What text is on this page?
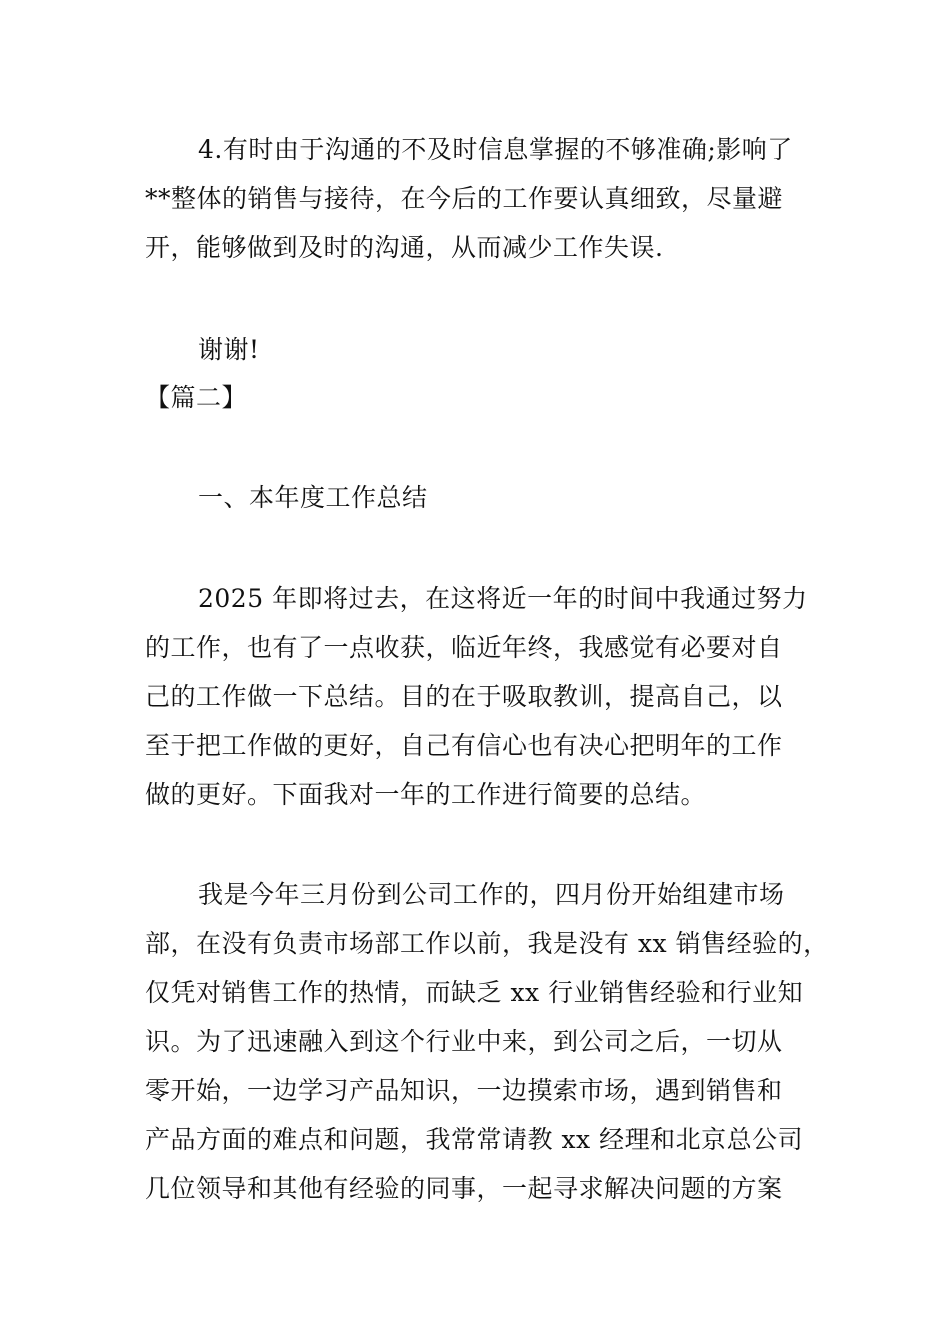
4.有时由于沟通的不及时信息掌握的不够准确;影响了
**整体的销售与接待，在今后的工作要认真细致，尽量避
开，能够做到及时的沟通，从而减少工作失误.
谢谢!
【篇二】
一、本年度工作总结
2025 年即将过去，在这将近一年的时间中我通过努力
的工作，也有了一点收获，临近年终，我感觉有必要对自
己的工作做一下总结。目的在于吸取教训，提高自己，以
至于把工作做的更好，自己有信心也有决心把明年的工作
做的更好。下面我对一年的工作进行简要的总结。
我是今年三月份到公司工作的，四月份开始组建市场
部，在没有负责市场部工作以前，我是没有 xx 销售经验的，
仅凭对销售工作的热情，而缺乏 xx 行业销售经验和行业知
识。为了迅速融入到这个行业中来，到公司之后，一切从
零开始，一边学习产品知识，一边摸索市场，遇到销售和
产品方面的难点和问题，我常常请教 xx 经理和北京总公司
几位领导和其他有经验的同事，一起寻求解决问题的方案
